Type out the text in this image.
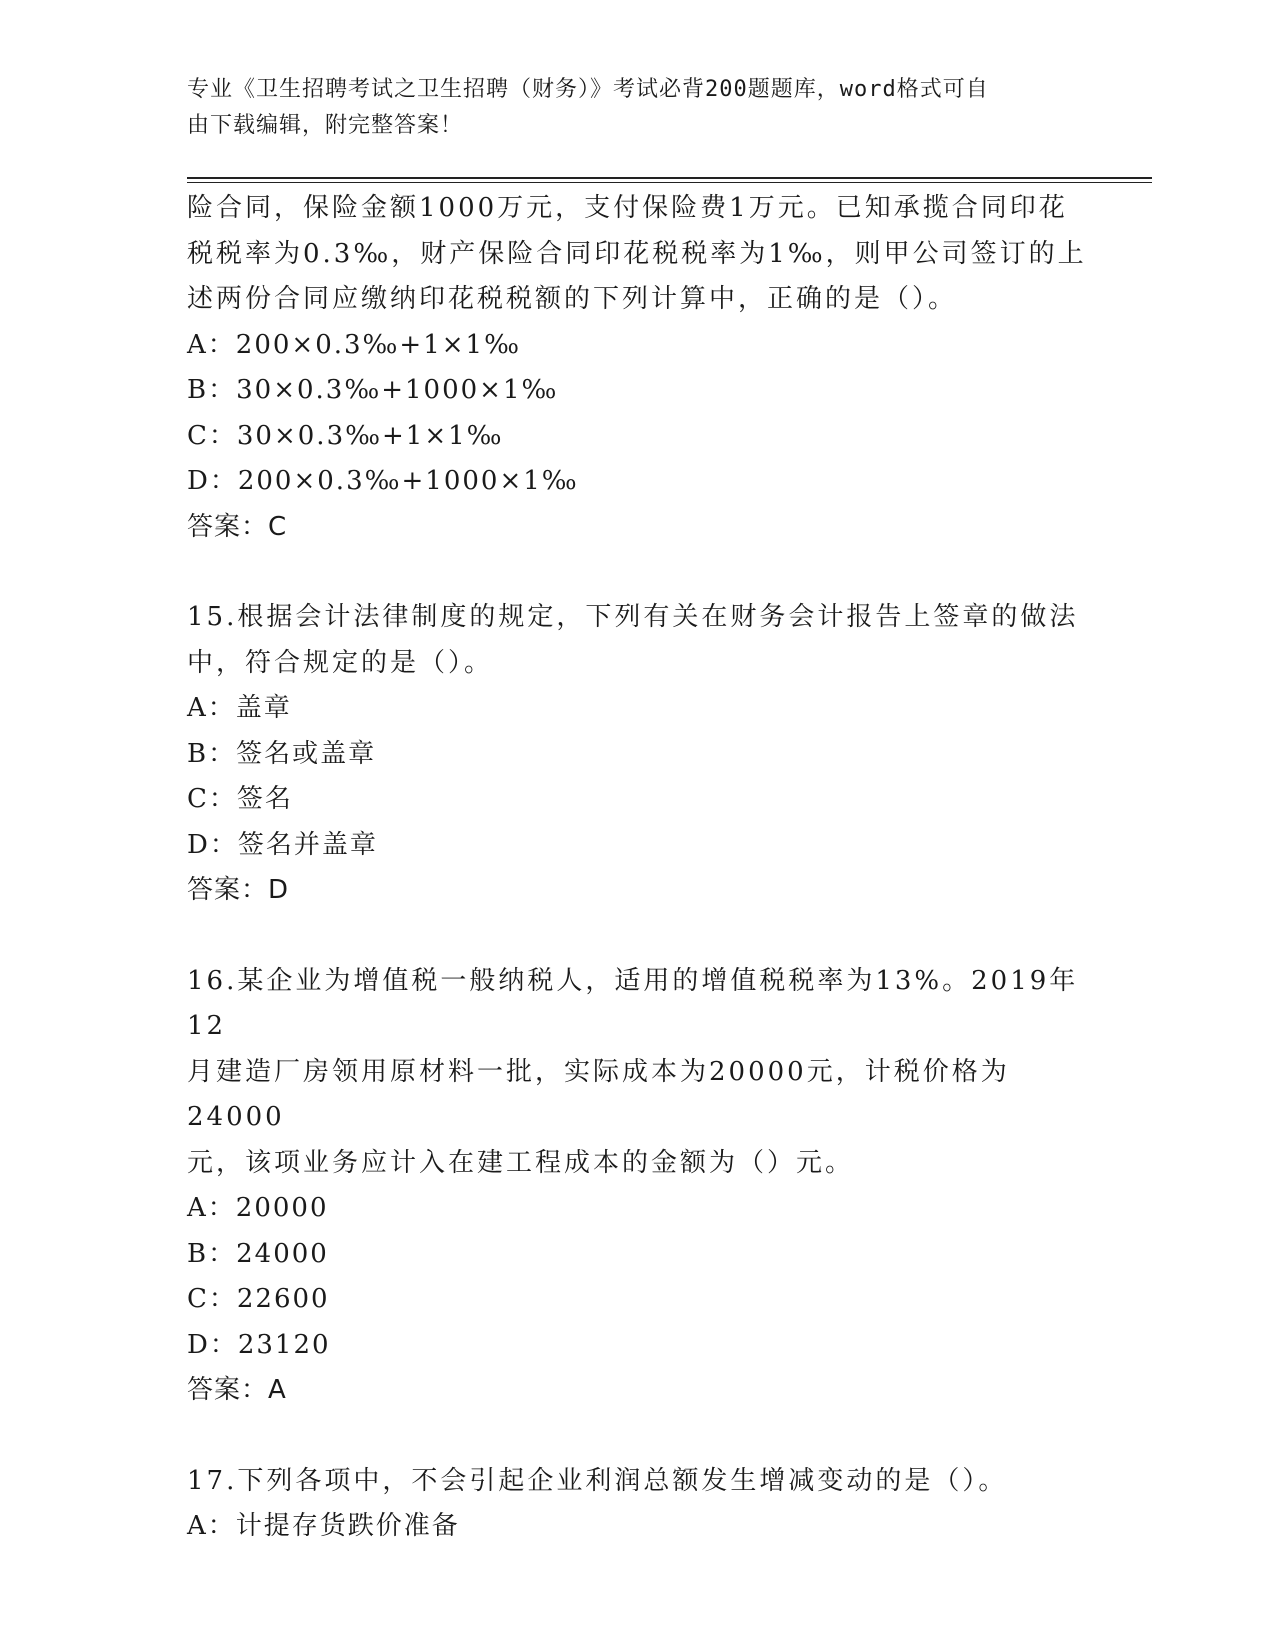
专业《卫生招聘考试之卫生招聘（财务）》考试必背200题题库，word格式可自
由下载编辑，附完整答案！
险合同，保险金额1000万元，支付保险费1万元。已知承揽合同印花
税税率为0.3‰，财产保险合同印花税税率为1‰，则甲公司签订的上
述两份合同应缴纳印花税税额的下列计算中，正确的是（）。
A：200×0.3‰+1×1‰
B：30×0.3‰+1000×1‰
C：30×0.3‰+1×1‰
D：200×0.3‰+1000×1‰
答案：C
15.根据会计法律制度的规定，下列有关在财务会计报告上签章的做法
中，符合规定的是（）。
A：盖章
B：签名或盖章
C：签名
D：签名并盖章
答案：D
16.某企业为增值税一般纳税人，适用的增值税税率为13%。2019年12
月建造厂房领用原材料一批，实际成本为20000元，计税价格为24000
元，该项业务应计入在建工程成本的金额为（）元。
A：20000
B：24000
C：22600
D：23120
答案：A
17.下列各项中，不会引起企业利润总额发生增减变动的是（）。
A：计提存货跌价准备
